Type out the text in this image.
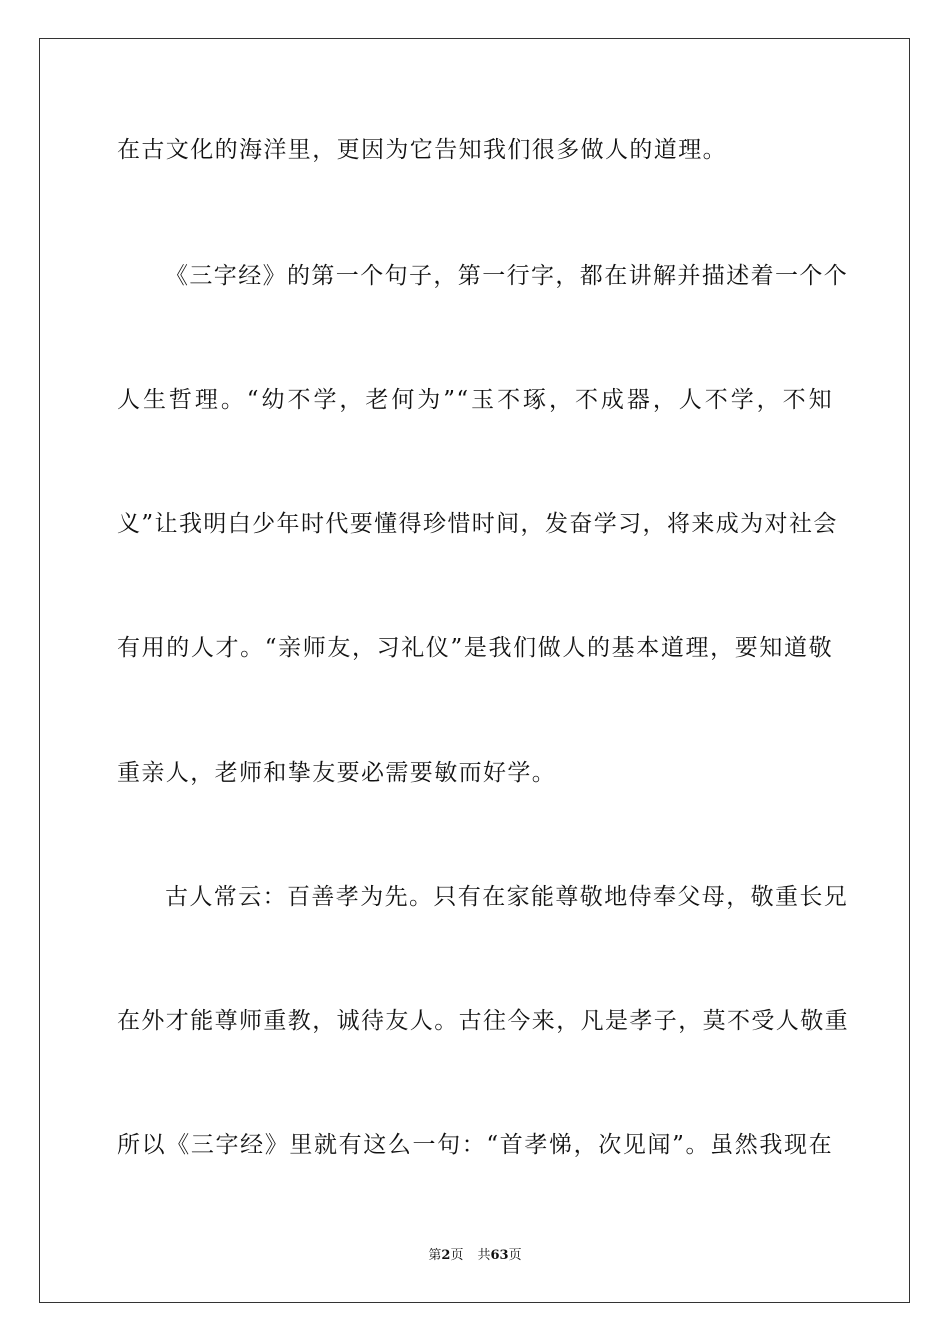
在古文化的海洋里，更因为它告知我们很多做人的道理。
《三字经》的第一个句子，第一行字，都在讲解并描述着一个个
人生哲理。“幼不学，老何为”“玉不琢，不成器，人不学，不知
义”让我明白少年时代要懂得珍惜时间，发奋学习，将来成为对社会
有用的人才。“亲师友，习礼仪”是我们做人的基本道理，要知道敬
重亲人，老师和挚友要必需要敏而好学。
古人常云：百善孝为先。只有在家能尊敬地侍奉父母，敬重长兄
在外才能尊师重教，诚待友人。古往今来，凡是孝子，莫不受人敬重
所以《三字经》里就有这么一句：“首孝悌，次见闻”。虽然我现在
第2页 共63页
